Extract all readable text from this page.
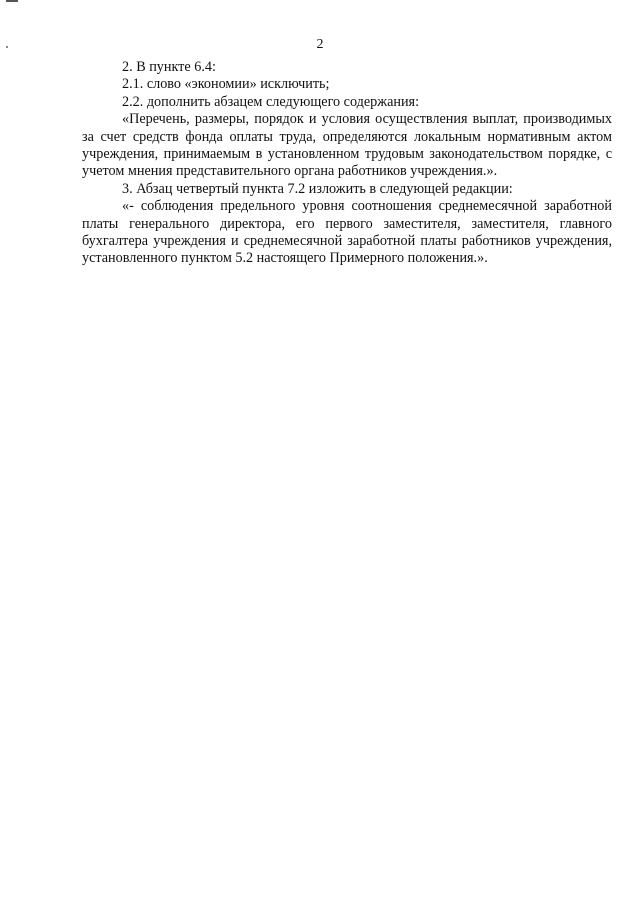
2

2. В пункте 6.4:

2.1. слово «экономии» исключить;

2.2. дополнить абзацем следующего содержания:

«Перечень, размеры, порядок и условия осуществления выплат, производимых за счет средств фонда оплаты труда, определяются локальным нормативным актом учреждения, принимаемым в установленном трудовым законодательством порядке, с учетом мнения представительного органа работников учреждения.».

3. Абзац четвертый пункта 7.2 изложить в следующей редакции:

«- соблюдения предельного уровня соотношения среднемесячной заработной платы генерального директора, его первого заместителя, заместителя, главного бухгалтера учреждения и среднемесячной заработной платы работников учреждения, установленного пунктом 5.2 настоящего Примерного положения.».
